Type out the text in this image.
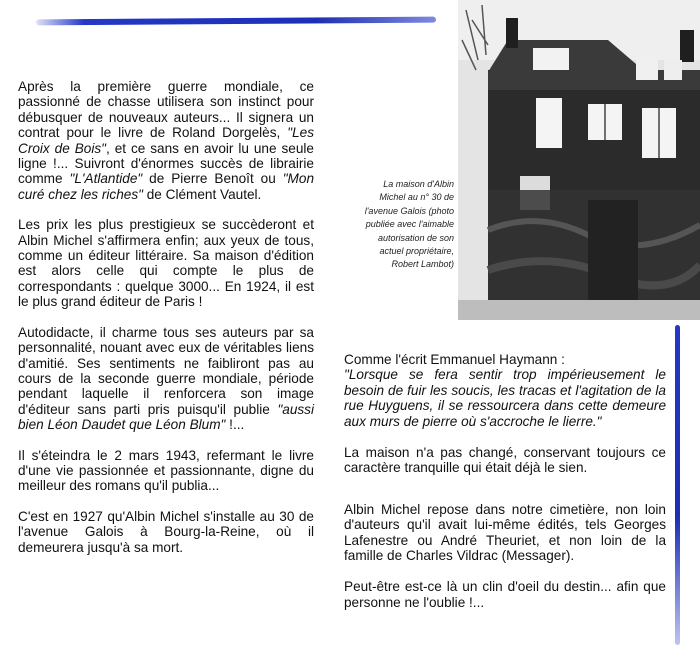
Après la première guerre mondiale, ce passionné de chasse utilisera son instinct pour débusquer de nouveaux auteurs... Il signera un contrat pour le livre de Roland Dorgelès, "Les Croix de Bois", et ce sans en avoir lu une seule ligne !... Suivront d'énormes succès de librairie comme "L'Atlantide" de Pierre Benoît ou "Mon curé chez les riches" de Clément Vautel.

Les prix les plus prestigieux se succèderont et Albin Michel s'affirmera enfin; aux yeux de tous, comme un éditeur littéraire. Sa maison d'édition est alors celle qui compte le plus de correspondants : quelque 3000... En 1924, il est le plus grand éditeur de Paris !

Autodidacte, il charme tous ses auteurs par sa personnalité, nouant avec eux de véritables liens d'amitié. Ses sentiments ne faibliront pas au cours de la seconde guerre mondiale, période pendant laquelle il renforcera son image d'éditeur sans parti pris puisqu'il publie "aussi bien Léon Daudet que Léon Blum" !...

Il s'éteindra le 2 mars 1943, refermant le livre d'une vie passionnée et passionnante, digne du meilleur des romans qu'il publia...

C'est en 1927 qu'Albin Michel s'installe au 30 de l'avenue Galois à Bourg-la-Reine, où il demeurera jusqu'à sa mort.

La maison d'Albin Michel au n° 30 de l'avenue Galois (photo publiée avec l'aimable autorisation de son actuel propriétaire, Robert Lambot)
Comme l'écrit Emmanuel Haymann :

"Lorsque se fera sentir trop impérieusement le besoin de fuir les soucis, les tracas et l'agitation de la rue Huyguens, il se ressourcera dans cette demeure aux murs de pierre où s'accroche le lierre."

La maison n'a pas changé, conservant toujours ce caractère tranquille qui était déjà le sien.

Albin Michel repose dans notre cimetière, non loin d'auteurs qu'il avait lui-même édités, tels Georges Lafenestre ou André Theuriet, et non loin de la famille de Charles Vildrac (Messager).

Peut-être est-ce là un clin d'oeil du destin... afin que personne ne l'oublie !...
